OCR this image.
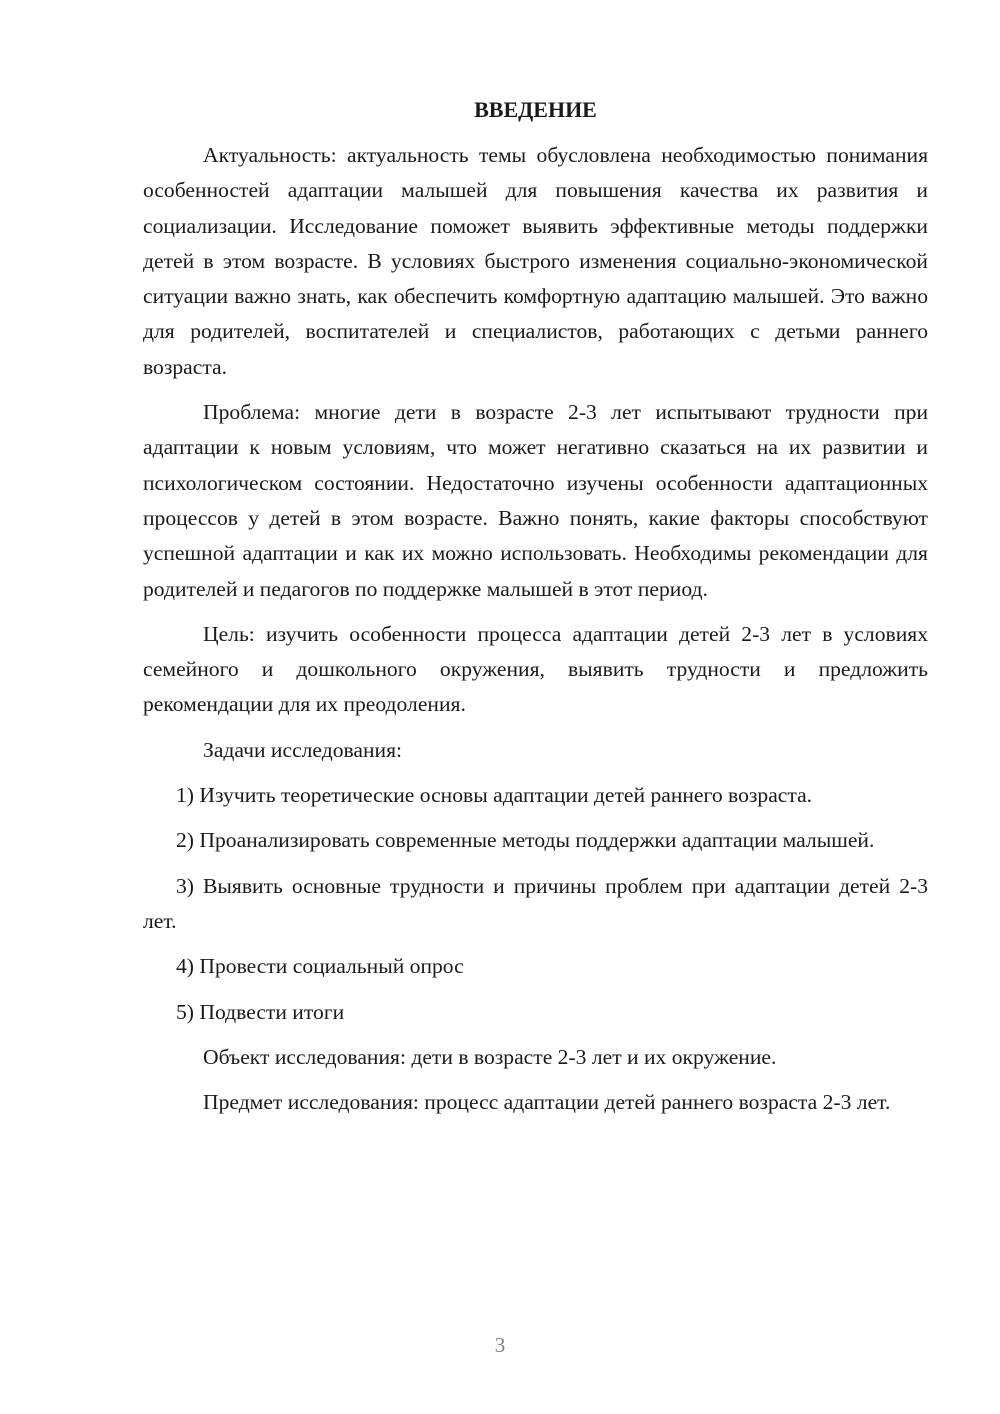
ВВЕДЕНИЕ

Актуальность: актуальность темы обусловлена необходимостью понимания особенностей адаптации малышей для повышения качества их развития и социализации. Исследование поможет выявить эффективные методы поддержки детей в этом возрасте. В условиях быстрого изменения социально-экономической ситуации важно знать, как обеспечить комфортную адаптацию малышей. Это важно для родителей, воспитателей и специалистов, работающих с детьми раннего возраста.

Проблема: многие дети в возрасте 2-3 лет испытывают трудности при адаптации к новым условиям, что может негативно сказаться на их развитии и психологическом состоянии. Недостаточно изучены особенности адаптационных процессов у детей в этом возрасте. Важно понять, какие факторы способствуют успешной адаптации и как их можно использовать. Необходимы рекомендации для родителей и педагогов по поддержке малышей в этот период.

Цель: изучить особенности процесса адаптации детей 2-3 лет в условиях семейного и дошкольного окружения, выявить трудности и предложить рекомендации для их преодоления.

Задачи исследования:

1) Изучить теоретические основы адаптации детей раннего возраста.

2) Проанализировать современные методы поддержки адаптации малышей.

3) Выявить основные трудности и причины проблем при адаптации детей 2-3 лет.

4) Провести социальный опрос

5) Подвести итоги

Объект исследования: дети в возрасте 2-3 лет и их окружение.

Предмет исследования: процесс адаптации детей раннего возраста 2-3 лет.

3
